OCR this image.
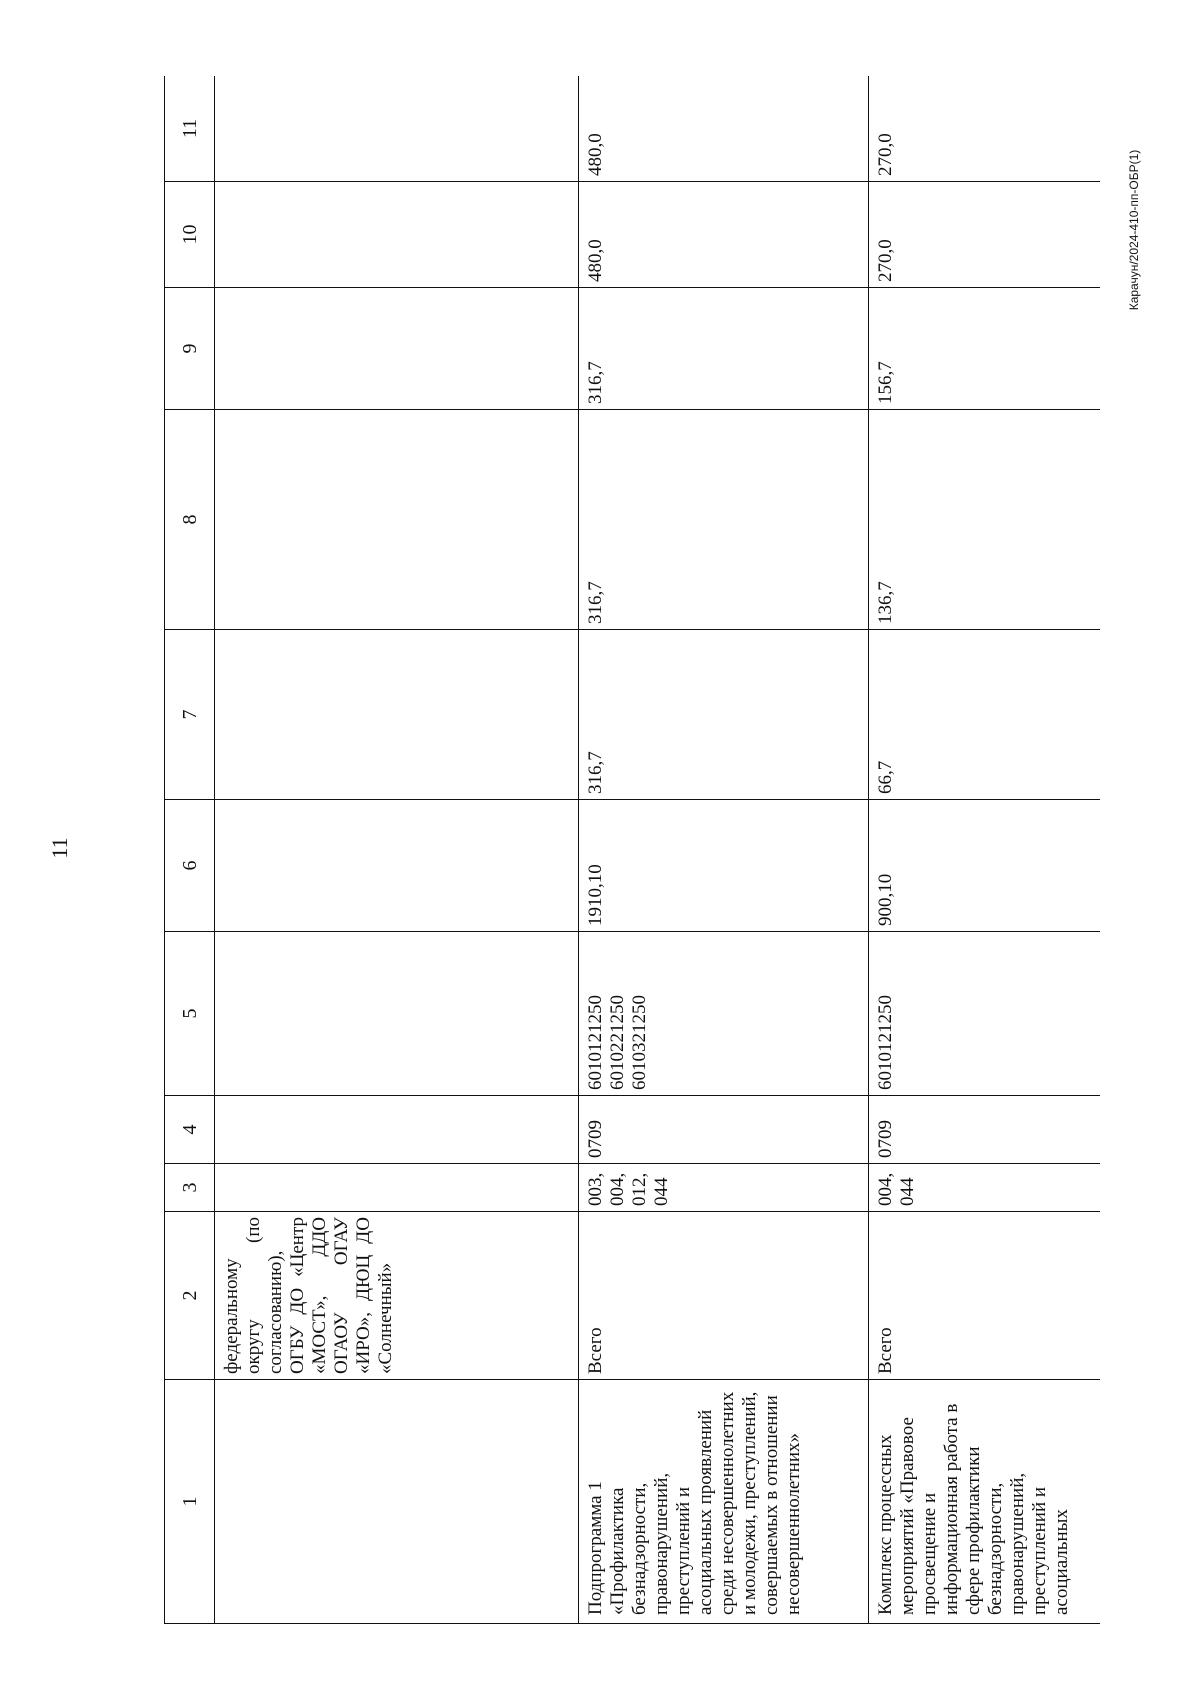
11
Карачун/2024-410-пп-ОБР(1)
1	2	3	4	5	6	7	8	9	10	11
	федеральному округу (по согласованию), ОГБУ ДО «Центр «МОСТ», ДДО ОГАОУ ОГАУ «ИРО», ДЮЦ ДО «Солнечный»									
Подпрограмма 1 «Профилактика безнадзорности, правонарушений, преступлений и асоциальных проявлений среди несовершеннолетних и молодежи, преступлений, совершаемых в отношении несовершеннолетних»	Всего	003,
004,
012,
044	0709	6010121250
6010221250
6010321250	1910,10	316,7	316,7	316,7	480,0	480,0
Комплекс процессных мероприятий «Правовое просвещение и информационная работа в сфере профилактики безнадзорности, правонарушений, преступлений и асоциальных	Всего	004,
044	0709	6010121250	900,10	66,7	136,7	156,7	270,0	270,0
